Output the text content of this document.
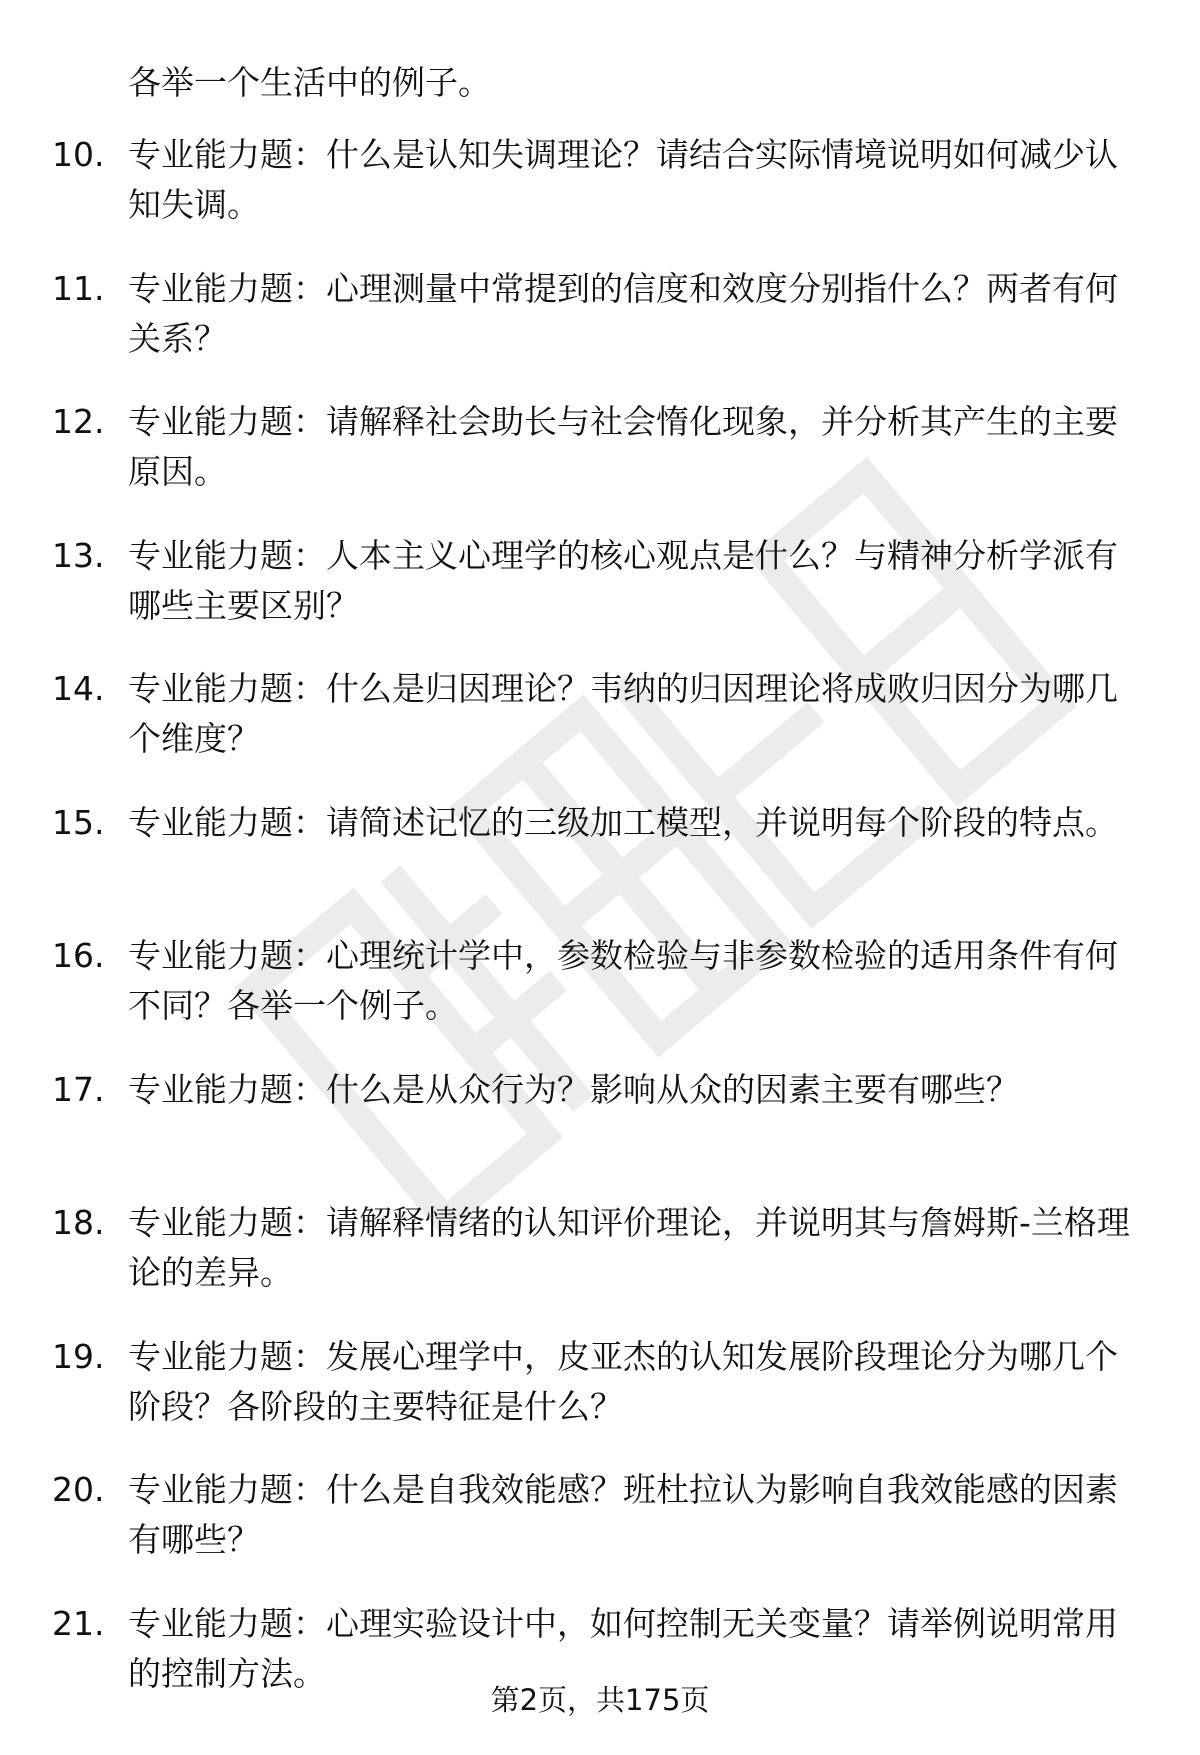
各举一个生活中的例子。
10. 专业能力题：什么是认知失调理论？请结合实际情境说明如何减少认知失调。
11. 专业能力题：心理测量中常提到的信度和效度分别指什么？两者有何关系？
12. 专业能力题：请解释社会助长与社会惰化现象，并分析其产生的主要原因。
13. 专业能力题：人本主义心理学的核心观点是什么？与精神分析学派有哪些主要区别？
14. 专业能力题：什么是归因理论？韦纳的归因理论将成败归因分为哪几个维度？
15. 专业能力题：请简述记忆的三级加工模型，并说明每个阶段的特点。
16. 专业能力题：心理统计学中，参数检验与非参数检验的适用条件有何不同？各举一个例子。
17. 专业能力题：什么是从众行为？影响从众的因素主要有哪些？
18. 专业能力题：请解释情绪的认知评价理论，并说明其与詹姆斯-兰格理论的差异。
19. 专业能力题：发展心理学中，皮亚杰的认知发展阶段理论分为哪几个阶段？各阶段的主要特征是什么？
20. 专业能力题：什么是自我效能感？班杜拉认为影响自我效能感的因素有哪些？
21. 专业能力题：心理实验设计中，如何控制无关变量？请举例说明常用的控制方法。
第2页，共175页
